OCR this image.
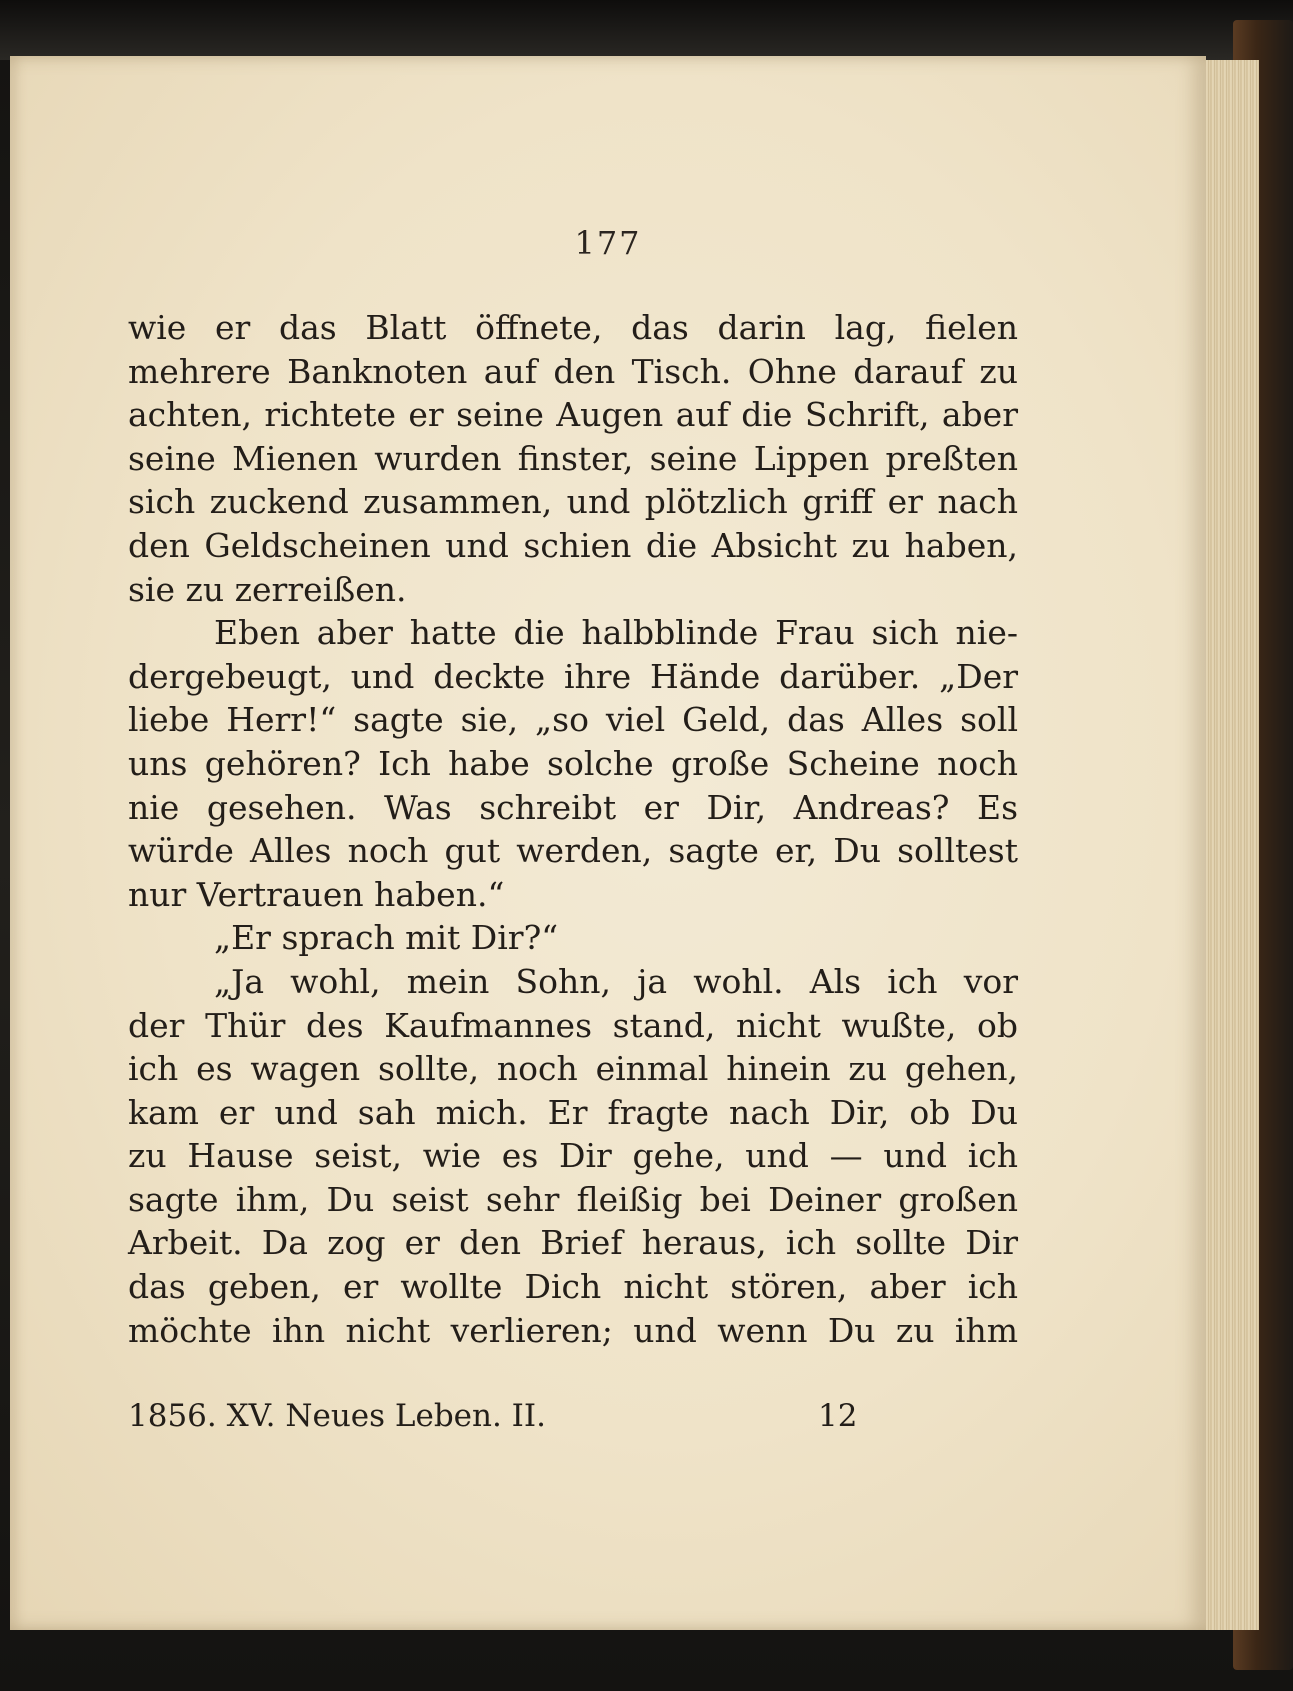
177
wie er das Blatt öffnete, das darin lag, fielen
mehrere Banknoten auf den Tisch. Ohne darauf zu
achten, richtete er seine Augen auf die Schrift, aber
seine Mienen wurden finster, seine Lippen preßten
sich zuckend zusammen, und plötzlich griff er nach
den Geldscheinen und schien die Absicht zu haben,
sie zu zerreißen.
Eben aber hatte die halbblinde Frau sich nie-
dergebeugt, und deckte ihre Hände darüber. „Der
liebe Herr!“ sagte sie, „so viel Geld, das Alles soll
uns gehören? Ich habe solche große Scheine noch
nie gesehen. Was schreibt er Dir, Andreas? Es
würde Alles noch gut werden, sagte er, Du solltest
nur Vertrauen haben.“
„Er sprach mit Dir?“
„Ja wohl, mein Sohn, ja wohl. Als ich vor
der Thür des Kaufmannes stand, nicht wußte, ob
ich es wagen sollte, noch einmal hinein zu gehen,
kam er und sah mich. Er fragte nach Dir, ob Du
zu Hause seist, wie es Dir gehe, und — und ich
sagte ihm, Du seist sehr fleißig bei Deiner großen
Arbeit. Da zog er den Brief heraus, ich sollte Dir
das geben, er wollte Dich nicht stören, aber ich
möchte ihn nicht verlieren; und wenn Du zu ihm
1856. XV. Neues Leben. II.	12
